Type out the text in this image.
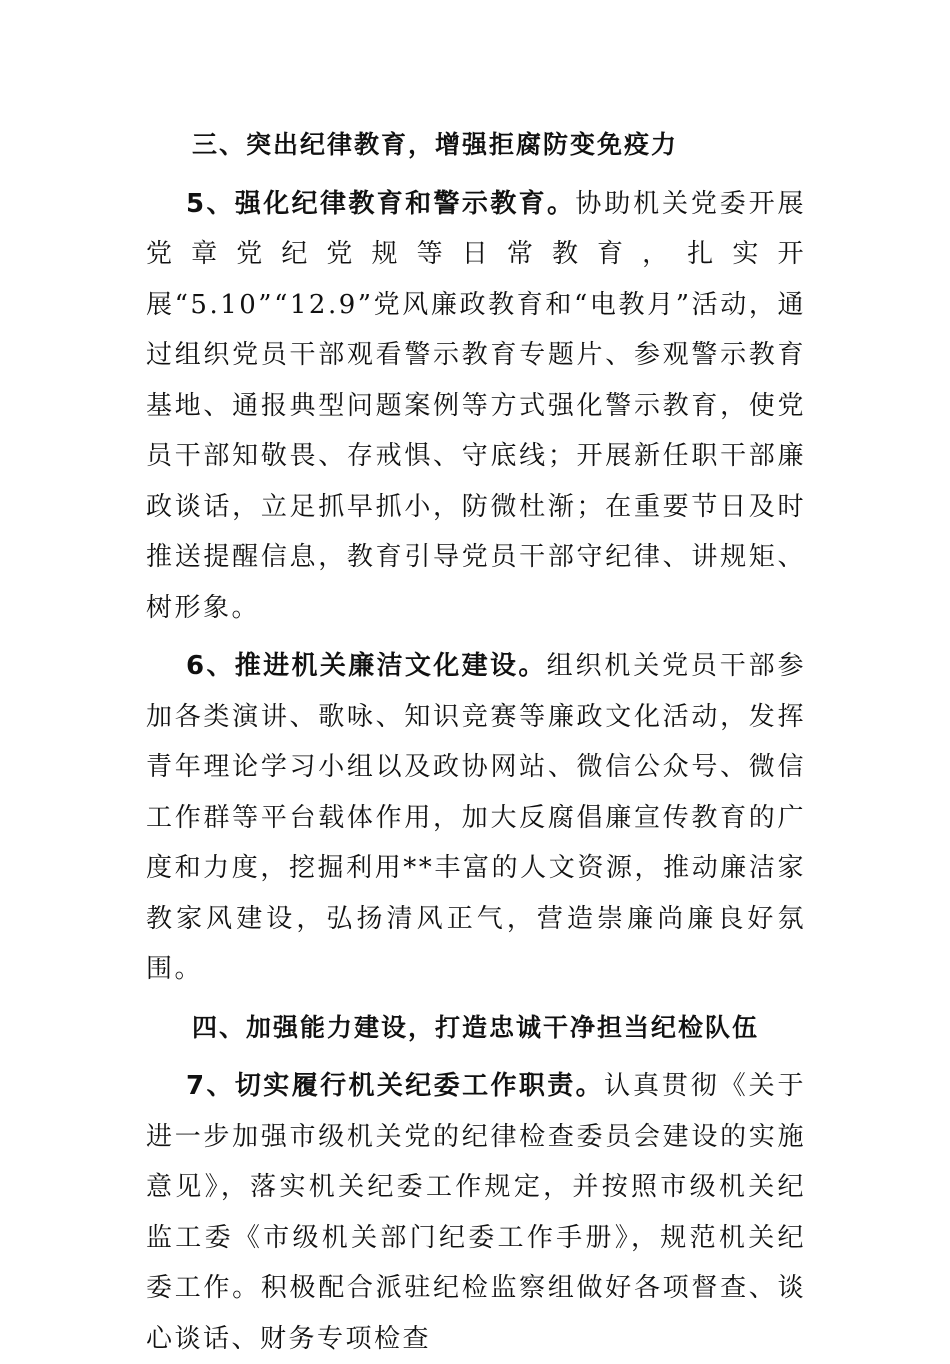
三、突出纪律教育，增强拒腐防变免疫力

5、强化纪律教育和警示教育。协助机关党委开展党章党纪党规等日常教育，扎实开展“5.10”“12.9”党风廉政教育和“电教月”活动，通过组织党员干部观看警示教育专题片、参观警示教育基地、通报典型问题案例等方式强化警示教育，使党员干部知敬畏、存戒惧、守底线；开展新任职干部廉政谈话，立足抓早抓小，防微杜渐；在重要节日及时推送提醒信息，教育引导党员干部守纪律、讲规矩、树形象。

6、推进机关廉洁文化建设。组织机关党员干部参加各类演讲、歌咏、知识竞赛等廉政文化活动，发挥青年理论学习小组以及政协网站、微信公众号、微信工作群等平台载体作用，加大反腐倡廉宣传教育的广度和力度，挖掘利用**丰富的人文资源，推动廉洁家教家风建设，弘扬清风正气，营造崇廉尚廉良好氛围。

四、加强能力建设，打造忠诚干净担当纪检队伍

7、切实履行机关纪委工作职责。认真贯彻《关于进一步加强市级机关党的纪律检查委员会建设的实施意见》，落实机关纪委工作规定，并按照市级机关纪监工委《市级机关部门纪委工作手册》，规范机关纪委工作。积极配合派驻纪检监察组做好各项督查、谈心谈话、财务专项检查
